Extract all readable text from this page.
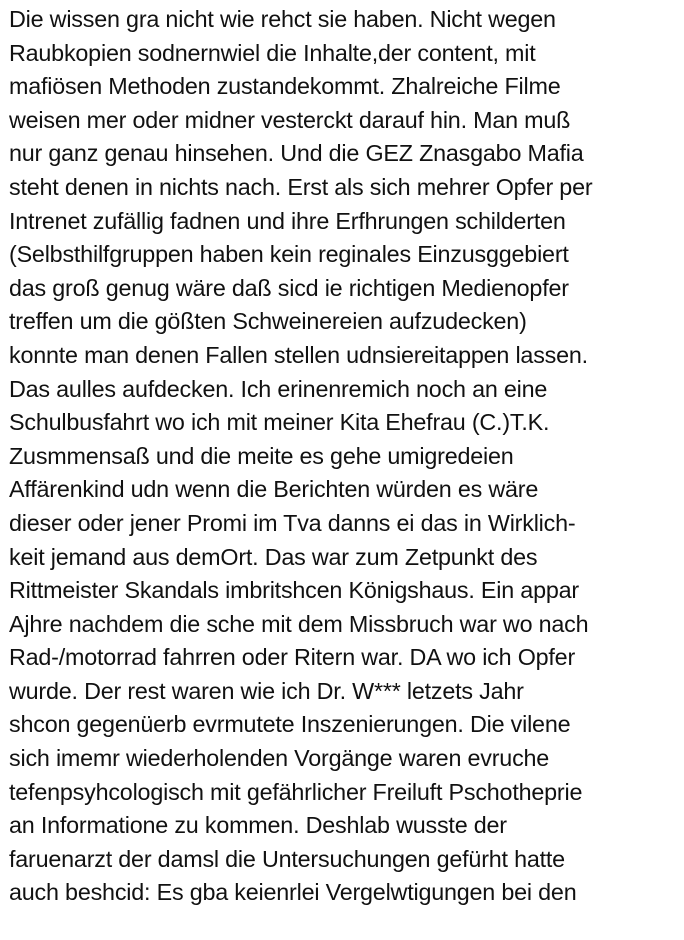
Die wissen gra nicht wie rehct sie haben. Nicht wegen
Raubkopien sodnernwiel die Inhalte,der content, mit
mafiösen Methoden zustandekommt. Zhalreiche Filme
weisen mer oder midner vesterckt darauf hin. Man muß
nur ganz genau hinsehen. Und die GEZ Znasgabo Mafia
steht denen in nichts nach. Erst als sich mehrer Opfer per
Intrenet zufällig fadnen und ihre Erfhrungen schilderten
(Selbsthilfgruppen haben kein reginales Einzusggebiert
das groß genug wäre daß sicd ie richtigen Medienopfer
treffen um die gößten Schweinereien aufzudecken)
konnte man denen Fallen stellen udnsiereitappen lassen.
Das aulles aufdecken. Ich erinenremich noch an eine
Schulbusfahrt wo ich mit meiner Kita Ehefrau (C.)T.K.
Zusmmensaß und die meite es gehe umigredeien
Affärenkind udn wenn die Berichten würden es wäre
dieser oder jener Promi im Tva danns ei das in Wirklich-
keit jemand aus demOrt. Das war zum Zetpunkt des
Rittmeister Skandals imbritshcen Königshaus. Ein appar
Ajhre nachdem die sche mit dem Missbruch war wo nach
Rad-/motorrad fahrren oder Ritern war. DA wo ich Opfer
wurde. Der rest waren wie ich Dr. W*** letzets Jahr
shcon gegenüerb evrmutete Inszenierungen. Die vilene
sich imemr wiederholenden Vorgänge waren evruche
tefenpsyhcologisch mit gefährlicher Freiluft Pschotheprie
an Informatione zu kommen. Deshlab wusste der
faruenarzt der damsl die Untersuchungen gefürht hatte
auch beshcid: Es gba keienrlei Vergelwtigungen bei den
